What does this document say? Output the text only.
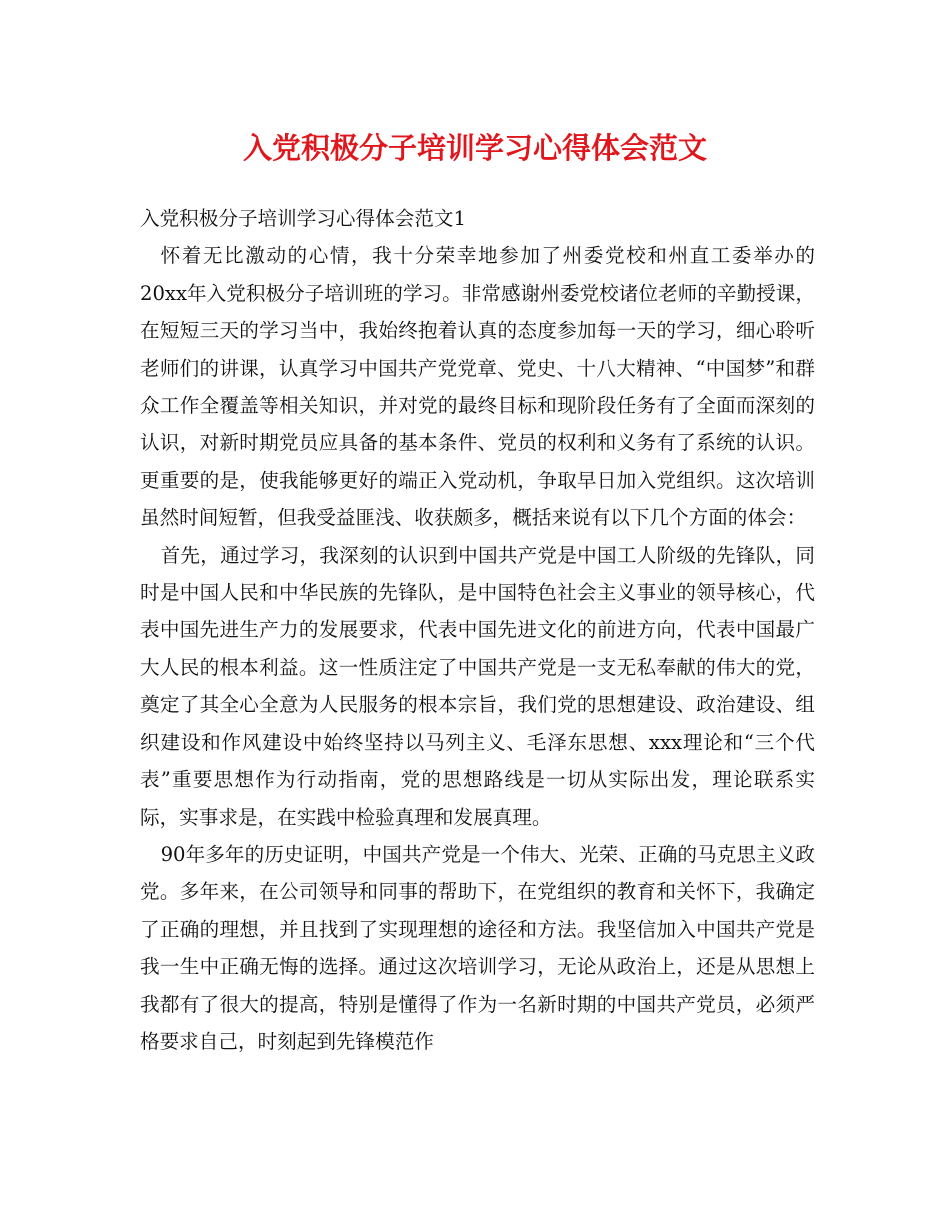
入党积极分子培训学习心得体会范文

入党积极分子培训学习心得体会范文1

怀着无比激动的心情，我十分荣幸地参加了州委党校和州直工委举办的20xx年入党积极分子培训班的学习。非常感谢州委党校诸位老师的辛勤授课，在短短三天的学习当中，我始终抱着认真的态度参加每一天的学习，细心聆听老师们的讲课，认真学习中国共产党党章、党史、十八大精神、“中国梦”和群众工作全覆盖等相关知识，并对党的最终目标和现阶段任务有了全面而深刻的认识，对新时期党员应具备的基本条件、党员的权利和义务有了系统的认识。更重要的是，使我能够更好的端正入党动机，争取早日加入党组织。这次培训虽然时间短暂，但我受益匪浅、收获颇多，概括来说有以下几个方面的体会：

首先，通过学习，我深刻的认识到中国共产党是中国工人阶级的先锋队，同时是中国人民和中华民族的先锋队，是中国特色社会主义事业的领导核心，代表中国先进生产力的发展要求，代表中国先进文化的前进方向，代表中国最广大人民的根本利益。这一性质注定了中国共产党是一支无私奉献的伟大的党，奠定了其全心全意为人民服务的根本宗旨，我们党的思想建设、政治建设、组织建设和作风建设中始终坚持以马列主义、毛泽东思想、xxx理论和“三个代表”重要思想作为行动指南，党的思想路线是一切从实际出发，理论联系实际，实事求是，在实践中检验真理和发展真理。

90年多年的历史证明，中国共产党是一个伟大、光荣、正确的马克思主义政党。多年来，在公司领导和同事的帮助下，在党组织的教育和关怀下，我确定了正确的理想，并且找到了实现理想的途径和方法。我坚信加入中国共产党是我一生中正确无悔的选择。通过这次培训学习，无论从政治上，还是从思想上我都有了很大的提高，特别是懂得了作为一名新时期的中国共产党员，必须严格要求自己，时刻起到先锋模范作
